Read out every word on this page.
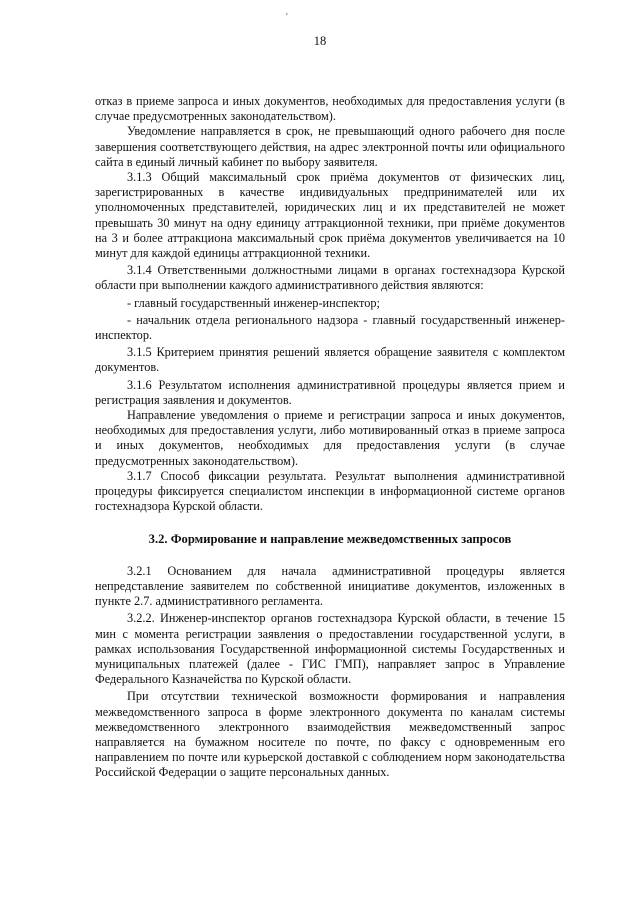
'
18

отказ в приеме запроса и иных документов, необходимых для предоставления услуги (в случае предусмотренных законодательством).

Уведомление направляется в срок, не превышающий одного рабочего дня после завершения соответствующего действия, на адрес электронной почты или официального сайта в единый личный кабинет по выбору заявителя.

3.1.3 Общий максимальный срок приёма документов от физических лиц, зарегистрированных в качестве индивидуальных предпринимателей или их уполномоченных представителей, юридических лиц и их представителей не может превышать 30 минут на одну единицу аттракционной техники, при приёме документов на 3 и более аттракциона максимальный срок приёма документов увеличивается на 10 минут для каждой единицы аттракционной техники.

3.1.4 Ответственными должностными лицами в органах гостехнадзора Курской области при выполнении каждого административного действия являются:

- главный государственный инженер-инспектор;

- начальник отдела регионального надзора - главный государственный инженер-инспектор.

3.1.5 Критерием принятия решений является обращение заявителя с комплектом документов.

3.1.6 Результатом исполнения административной процедуры является прием и регистрация заявления и документов.

Направление уведомления о приеме и регистрации запроса и иных документов, необходимых для предоставления услуги, либо мотивированный отказ в приеме запроса и иных документов, необходимых для предоставления услуги (в случае предусмотренных законодательством).

3.1.7 Способ фиксации результата. Результат выполнения административной процедуры фиксируется специалистом инспекции в информационной системе органов гостехнадзора Курской области.

3.2. Формирование и направление межведомственных запросов

3.2.1 Основанием для начала административной процедуры является непредставление заявителем по собственной инициативе документов, изложенных в пункте 2.7. административного регламента.

3.2.2. Инженер-инспектор органов гостехнадзора Курской области, в течение 15 мин с момента регистрации заявления о предоставлении государственной услуги, в рамках использования Государственной информационной системы Государственных и муниципальных платежей (далее - ГИС ГМП), направляет запрос в Управление Федерального Казначейства по Курской области.

При отсутствии технической возможности формирования и направления межведомственного запроса в форме электронного документа по каналам системы межведомственного электронного взаимодействия межведомственный запрос направляется на бумажном носителе по почте, по факсу с одновременным его направлением по почте или курьерской доставкой с соблюдением норм законодательства Российской Федерации о защите персональных данных.
